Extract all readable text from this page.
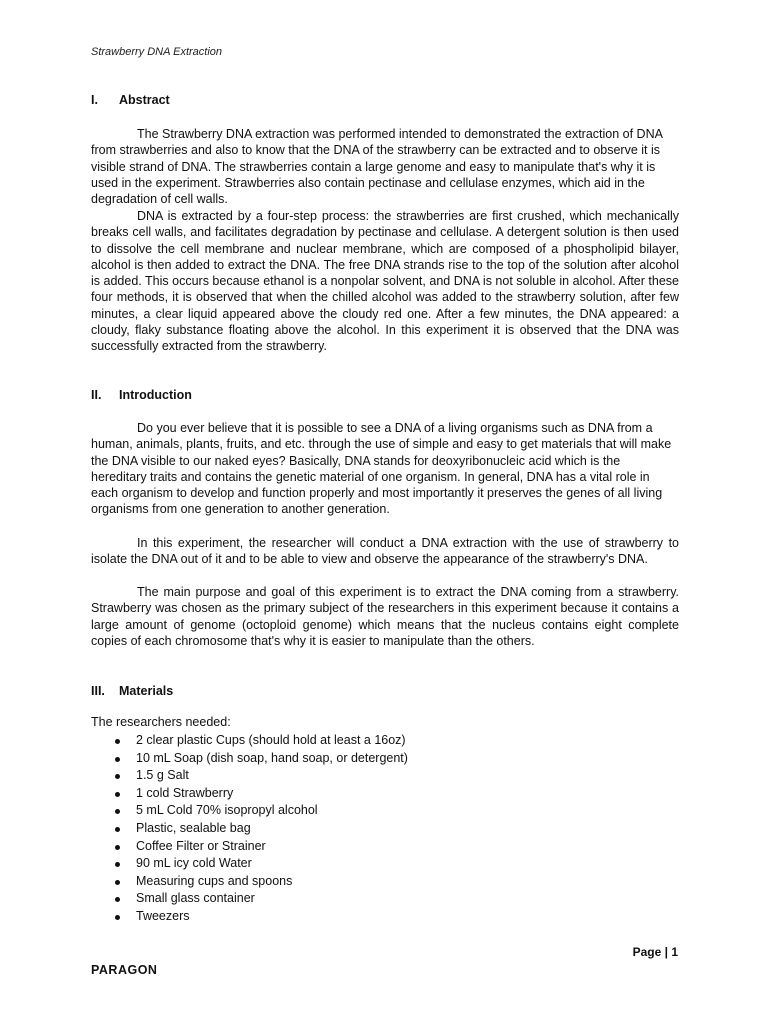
Strawberry DNA Extraction
I. Abstract

The Strawberry DNA extraction was performed intended to demonstrated the extraction of DNA from strawberries and also to know that the DNA of the strawberry can be extracted and to observe it is visible strand of DNA. The strawberries contain a large genome and easy to manipulate that's why it is used in the experiment. Strawberries also contain pectinase and cellulase enzymes, which aid in the degradation of cell walls.

DNA is extracted by a four-step process: the strawberries are first crushed, which mechanically breaks cell walls, and facilitates degradation by pectinase and cellulase. A detergent solution is then used to dissolve the cell membrane and nuclear membrane, which are composed of a phospholipid bilayer, alcohol is then added to extract the DNA. The free DNA strands rise to the top of the solution after alcohol is added. This occurs because ethanol is a nonpolar solvent, and DNA is not soluble in alcohol. After these four methods, it is observed that when the chilled alcohol was added to the strawberry solution, after few minutes, a clear liquid appeared above the cloudy red one. After a few minutes, the DNA appeared: a cloudy, flaky substance floating above the alcohol. In this experiment it is observed that the DNA was successfully extracted from the strawberry.

II. Introduction

Do you ever believe that it is possible to see a DNA of a living organisms such as DNA from a human, animals, plants, fruits, and etc. through the use of simple and easy to get materials that will make the DNA visible to our naked eyes? Basically, DNA stands for deoxyribonucleic acid which is the hereditary traits and contains the genetic material of one organism. In general, DNA has a vital role in each organism to develop and function properly and most importantly it preserves the genes of all living organisms from one generation to another generation.

In this experiment, the researcher will conduct a DNA extraction with the use of strawberry to isolate the DNA out of it and to be able to view and observe the appearance of the strawberry's DNA.

The main purpose and goal of this experiment is to extract the DNA coming from a strawberry. Strawberry was chosen as the primary subject of the researchers in this experiment because it contains a large amount of genome (octoploid genome) which means that the nucleus contains eight complete copies of each chromosome that's why it is easier to manipulate than the others.

III. Materials
The researchers needed:
2 clear plastic Cups (should hold at least a 16oz)
10 mL Soap (dish soap, hand soap, or detergent)
1.5 g Salt
1 cold Strawberry
5 mL Cold 70% isopropyl alcohol
Plastic, sealable bag
Coffee Filter or Strainer
90 mL icy cold Water
Measuring cups and spoons
Small glass container
Tweezers
Page | 1
PARAGON
